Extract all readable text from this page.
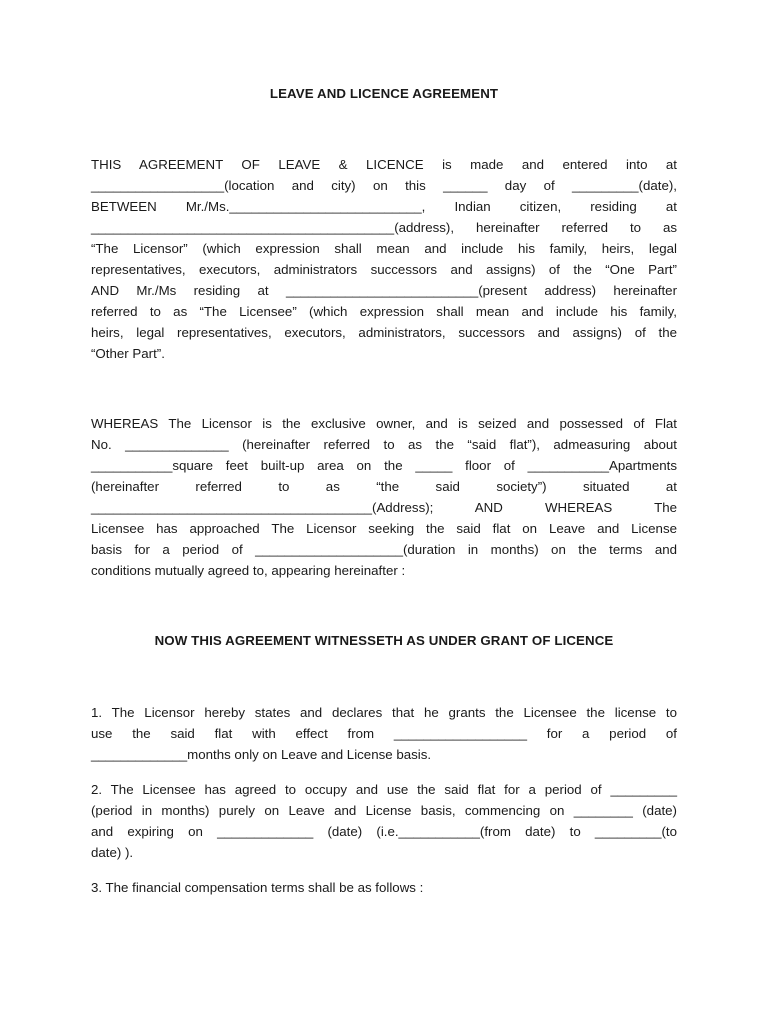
LEAVE AND LICENCE AGREEMENT
THIS AGREEMENT OF LEAVE & LICENCE is made and entered into at
__________________(location and city) on this ______ day of _________(date),
BETWEEN Mr./Ms.__________________________, Indian citizen, residing at
_________________________________________(address), hereinafter referred to as
“The Licensor” (which expression shall mean and include his family, heirs, legal
representatives, executors, administrators successors and assigns) of the “One Part”
AND Mr./Ms residing at __________________________(present address) hereinafter
referred to as “The Licensee” (which expression shall mean and include his family,
heirs, legal representatives, executors, administrators, successors and assigns) of the
“Other Part”.
WHEREAS The Licensor is the exclusive owner, and is seized and possessed of Flat
No. ______________ (hereinafter referred to as the “said flat”), admeasuring about
___________square feet built-up area on the _____ floor of ___________Apartments
(hereinafter referred to as “the said society”) situated at
______________________________________(Address); AND WHEREAS The
Licensee has approached The Licensor seeking the said flat on Leave and License
basis for a period of ____________________(duration in months) on the terms and
conditions mutually agreed to, appearing hereinafter :
NOW THIS AGREEMENT WITNESSETH AS UNDER GRANT OF LICENCE
1. The Licensor hereby states and declares that he grants the Licensee the license to
use the said flat with effect from __________________ for a period of
_____________months only on Leave and License basis.
2. The Licensee has agreed to occupy and use the said flat for a period of _________
(period in months) purely on Leave and License basis, commencing on ________ (date)
and expiring on _____________ (date) (i.e.___________(from date) to _________(to
date) ).
3. The financial compensation terms shall be as follows :
